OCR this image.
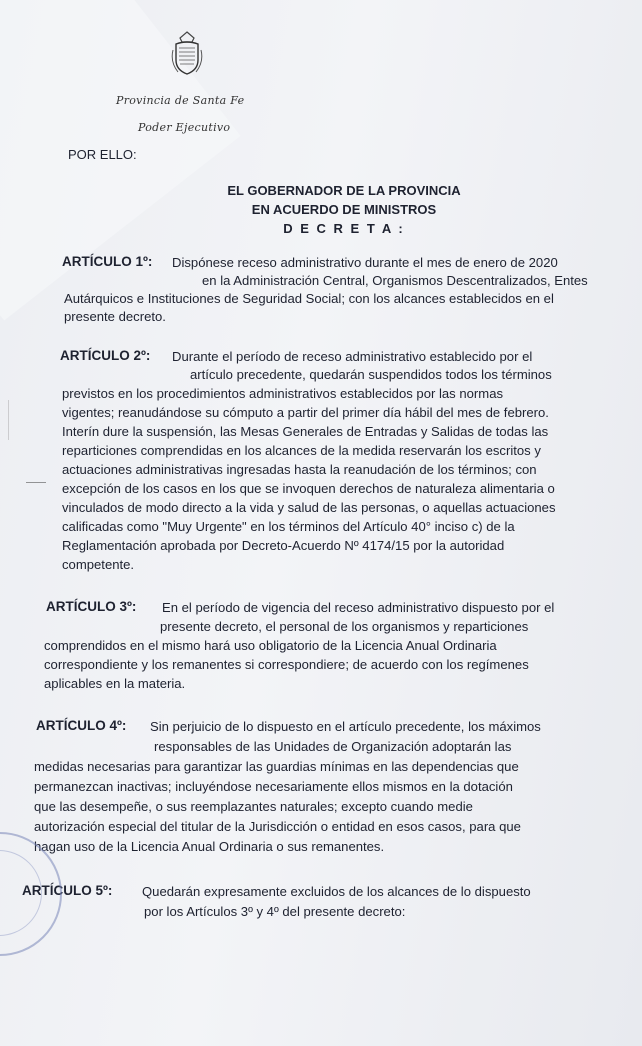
Provincia de Santa Fe
Poder Ejecutivo
POR ELLO:
EL GOBERNADOR DE LA PROVINCIA
EN ACUERDO DE MINISTROS
D E C R E T A :
ARTÍCULO 1º: Dispónese receso administrativo durante el mes de enero de 2020
en la Administración Central, Organismos Descentralizados, Entes
Autárquicos e Instituciones de Seguridad Social; con los alcances establecidos en el
presente decreto.
ARTÍCULO 2º: Durante el período de receso administrativo establecido por el
artículo precedente, quedarán suspendidos todos los términos
previstos en los procedimientos administrativos establecidos por las normas
vigentes; reanudándose su cómputo a partir del primer día hábil del mes de febrero.
Interín dure la suspensión, las Mesas Generales de Entradas y Salidas de todas las
reparticiones comprendidas en los alcances de la medida reservarán los escritos y
actuaciones administrativas ingresadas hasta la reanudación de los términos; con
excepción de los casos en los que se invoquen derechos de naturaleza alimentaria o
vinculados de modo directo a la vida y salud de las personas, o aquellas actuaciones
calificadas como "Muy Urgente" en los términos del Artículo 40° inciso c) de la
Reglamentación aprobada por Decreto-Acuerdo Nº 4174/15 por la autoridad
competente.
ARTÍCULO 3º: En el período de vigencia del receso administrativo dispuesto por el
presente decreto, el personal de los organismos y reparticiones
comprendidos en el mismo hará uso obligatorio de la Licencia Anual Ordinaria
correspondiente y los remanentes si correspondiere; de acuerdo con los regímenes
aplicables en la materia.
ARTÍCULO 4º: Sin perjuicio de lo dispuesto en el artículo precedente, los máximos
responsables de las Unidades de Organización adoptarán las
medidas necesarias para garantizar las guardias mínimas en las dependencias que
permanezcan inactivas; incluyéndose necesariamente ellos mismos en la dotación
que las desempeñe, o sus reemplazantes naturales; excepto cuando medie
autorización especial del titular de la Jurisdicción o entidad en esos casos, para que
hagan uso de la Licencia Anual Ordinaria o sus remanentes.
ARTÍCULO 5º: Quedarán expresamente excluidos de los alcances de lo dispuesto
por los Artículos 3º y 4º del presente decreto:
